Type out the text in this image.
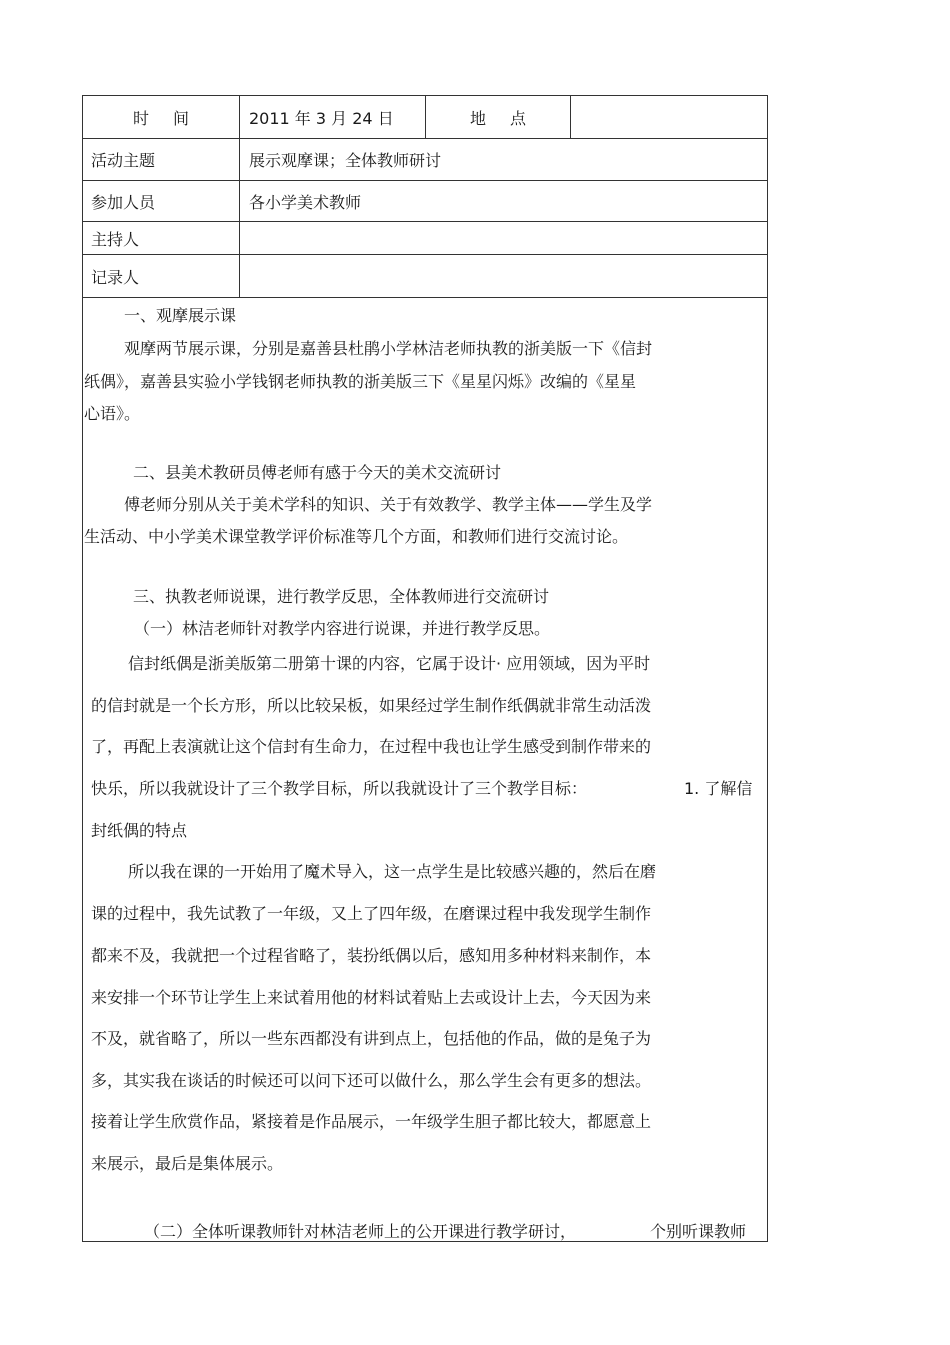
时间	2011 年 3 月 24 日	地点
活动主题	展示观摩课；全体教师研讨
参加人员	各小学美术教师
主持人
记录人
一、观摩展示课
观摩两节展示课，分别是嘉善县杜鹃小学林洁老师执教的浙美版一下《信封
纸偶》，嘉善县实验小学钱钢老师执教的浙美版三下《星星闪烁》改编的《星星
心语》。
二、县美术教研员傅老师有感于今天的美术交流研讨
傅老师分别从关于美术学科的知识、关于有效教学、教学主体——学生及学
生活动、中小学美术课堂教学评价标准等几个方面，和教师们进行交流讨论。
三、执教老师说课，进行教学反思，全体教师进行交流研讨
（一）林洁老师针对教学内容进行说课，并进行教学反思。
信封纸偶是浙美版第二册第十课的内容，它属于设计· 应用领域，因为平时
的信封就是一个长方形，所以比较呆板，如果经过学生制作纸偶就非常生动活泼
了，再配上表演就让这个信封有生命力，在过程中我也让学生感受到制作带来的
快乐，所以我就设计了三个教学目标，所以我就设计了三个教学目标：	1. 了解信
封纸偶的特点
所以我在课的一开始用了魔术导入，这一点学生是比较感兴趣的，然后在磨
课的过程中，我先试教了一年级，又上了四年级，在磨课过程中我发现学生制作
都来不及，我就把一个过程省略了，装扮纸偶以后，感知用多种材料来制作，本
来安排一个环节让学生上来试着用他的材料试着贴上去或设计上去，今天因为来
不及，就省略了，所以一些东西都没有讲到点上，包括他的作品，做的是兔子为
多，其实我在谈话的时候还可以问下还可以做什么，那么学生会有更多的想法。
接着让学生欣赏作品，紧接着是作品展示，一年级学生胆子都比较大，都愿意上
来展示，最后是集体展示。
（二）全体听课教师针对林洁老师上的公开课进行教学研讨，	个别听课教师
